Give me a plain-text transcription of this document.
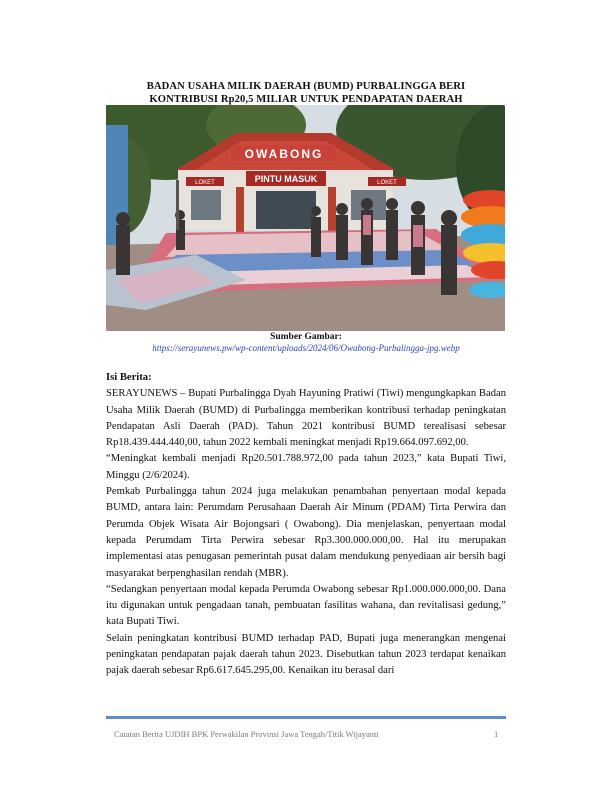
BADAN USAHA MILIK DAERAH (BUMD) PURBALINGGA BERI
KONTRIBUSI Rp20,5 MILIAR UNTUK PENDAPATAN DAERAH
OWABONG
PINTU MASUK
LOKET	LOKET
Sumber Gambar:
https://serayunews.pw/wp-content/uploads/2024/06/Owabong-Purbalingga-jpg.webp
Isi Berita:

SERAYUNEWS – Bupati Purbalingga Dyah Hayuning Pratiwi (Tiwi) mengungkapkan Badan Usaha Milik Daerah (BUMD) di Purbalingga memberikan kontribusi terhadap peningkatan Pendapatan Asli Daerah (PAD). Tahun 2021 kontribusi BUMD terealisasi sebesar Rp18.439.444.440,00, tahun 2022 kembali meningkat menjadi Rp19.664.097.692,00.

“Meningkat kembali menjadi Rp20.501.788.972,00 pada tahun 2023,” kata Bupati Tiwi, Minggu (2/6/2024).

Pemkab Purbalingga tahun 2024 juga melakukan penambahan penyertaan modal kepada BUMD, antara lain: Perumdam Perusahaan Daerah Air Minum (PDAM) Tirta Perwira dan Perumda Objek Wisata Air Bojongsari ( Owabong). Dia menjelaskan, penyertaan modal kepada Perumdam Tirta Perwira sebesar Rp3.300.000.000,00. Hal itu merupakan implementasi atas penugasan pemerintah pusat dalam mendukung penyediaan air bersih bagi masyarakat berpenghasilan rendah (MBR).

“Sedangkan penyertaan modal kepada Perumda Owabong sebesar Rp1.000.000.000,00. Dana itu digunakan untuk pengadaan tanah, pembuatan fasilitas wahana, dan revitalisasi gedung,” kata Bupati Tiwi.

Selain peningkatan kontribusi BUMD terhadap PAD, Bupati juga menerangkan mengenai peningkatan pendapatan pajak daerah tahun 2023. Disebutkan tahun 2023 terdapat kenaikan pajak daerah sebesar Rp6.617.645.295,00. Kenaikan itu berasal dari

Catatan Berita UJDIH BPK Perwakilan Provinsi Jawa Tengah/Titik Wijayanti	1
